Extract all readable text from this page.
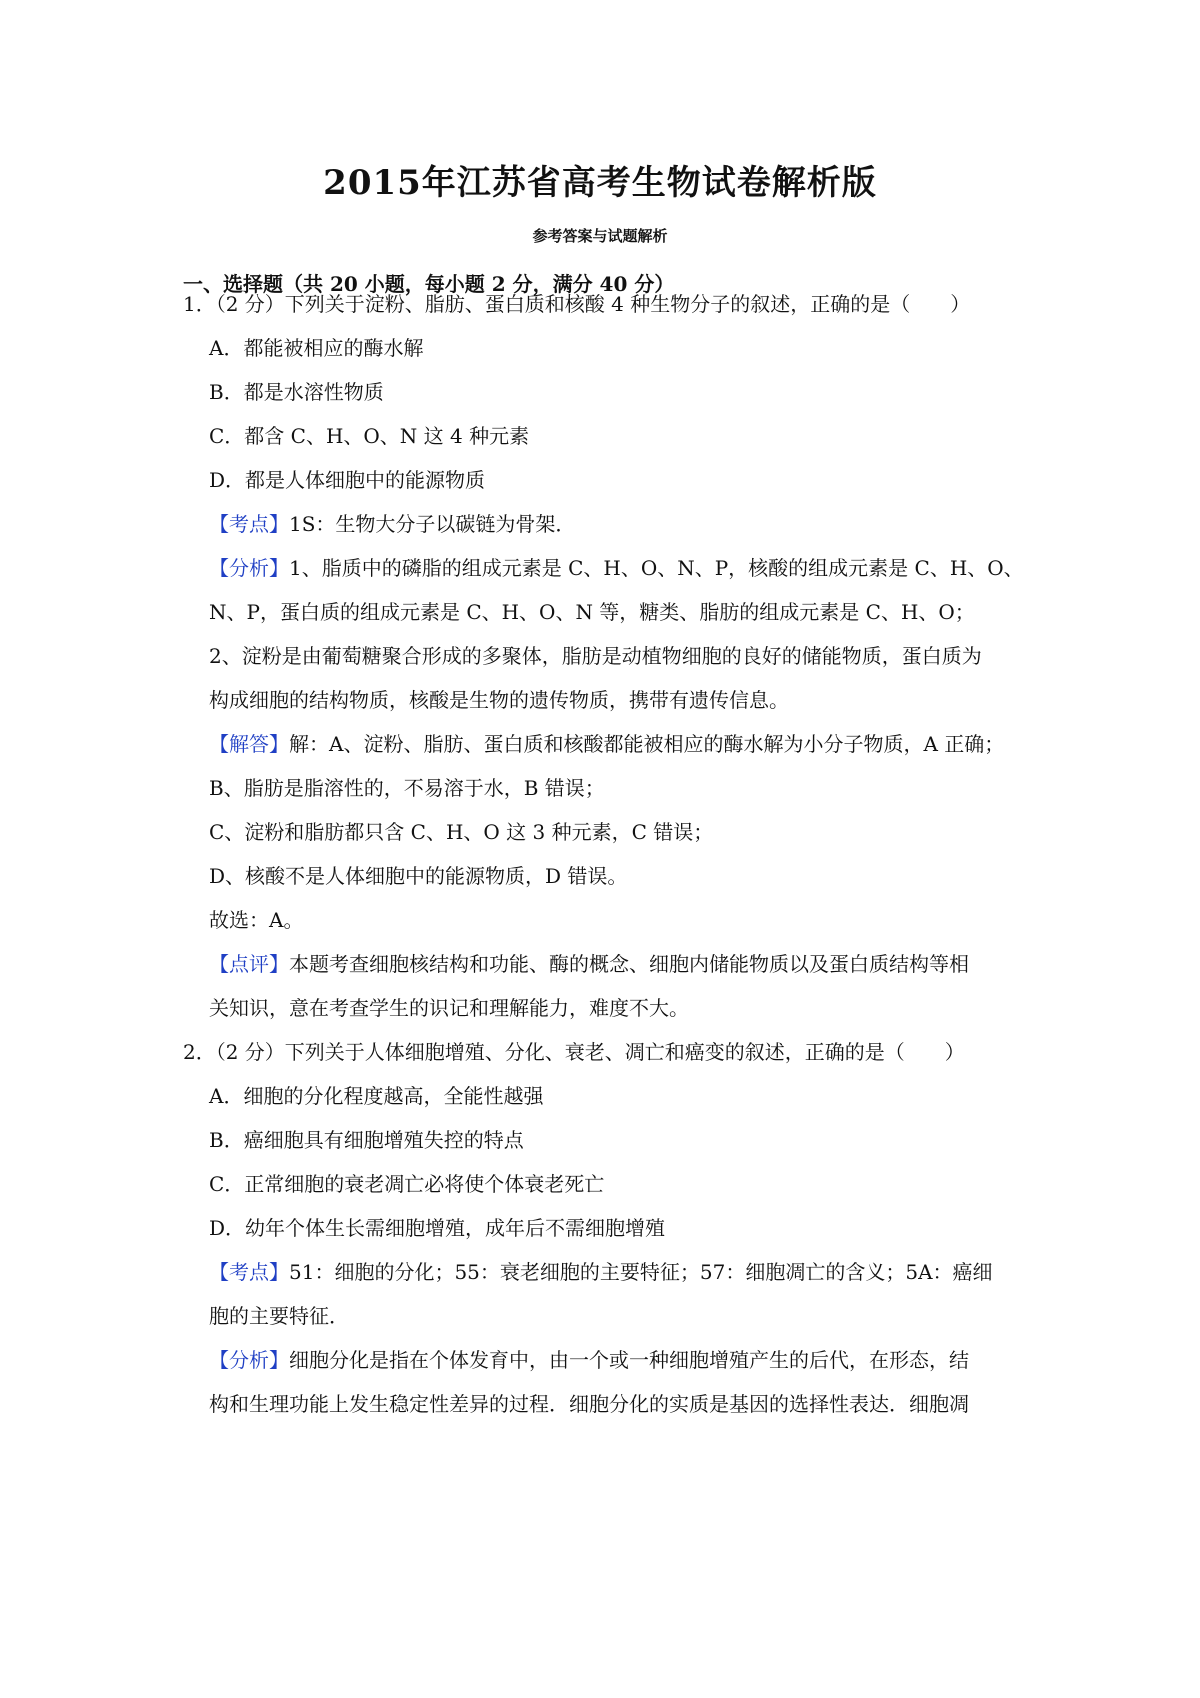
2015年江苏省高考生物试卷解析版
参考答案与试题解析
一、选择题（共 20 小题，每小题 2 分，满分 40 分）
1．（2 分）下列关于淀粉、脂肪、蛋白质和核酸 4 种生物分子的叙述，正确的是（　　）
A．都能被相应的酶水解
B．都是水溶性物质
C．都含 C、H、O、N 这 4 种元素
D．都是人体细胞中的能源物质
【考点】1S：生物大分子以碳链为骨架．
【分析】1、脂质中的磷脂的组成元素是 C、H、O、N、P，核酸的组成元素是 C、H、O、
N、P，蛋白质的组成元素是 C、H、O、N 等，糖类、脂肪的组成元素是 C、H、O；
2、淀粉是由葡萄糖聚合形成的多聚体，脂肪是动植物细胞的良好的储能物质，蛋白质为
构成细胞的结构物质，核酸是生物的遗传物质，携带有遗传信息。
【解答】解：A、淀粉、脂肪、蛋白质和核酸都能被相应的酶水解为小分子物质，A 正确；
B、脂肪是脂溶性的，不易溶于水，B 错误；
C、淀粉和脂肪都只含 C、H、O 这 3 种元素，C 错误；
D、核酸不是人体细胞中的能源物质，D 错误。
故选：A。
【点评】本题考查细胞核结构和功能、酶的概念、细胞内储能物质以及蛋白质结构等相
关知识，意在考查学生的识记和理解能力，难度不大。
2．（2 分）下列关于人体细胞增殖、分化、衰老、凋亡和癌变的叙述，正确的是（　　）
A．细胞的分化程度越高，全能性越强
B．癌细胞具有细胞增殖失控的特点
C．正常细胞的衰老凋亡必将使个体衰老死亡
D．幼年个体生长需细胞增殖，成年后不需细胞增殖
【考点】51：细胞的分化；55：衰老细胞的主要特征；57：细胞凋亡的含义；5A：癌细
胞的主要特征．
【分析】细胞分化是指在个体发育中，由一个或一种细胞增殖产生的后代，在形态，结
构和生理功能上发生稳定性差异的过程．细胞分化的实质是基因的选择性表达．细胞凋
